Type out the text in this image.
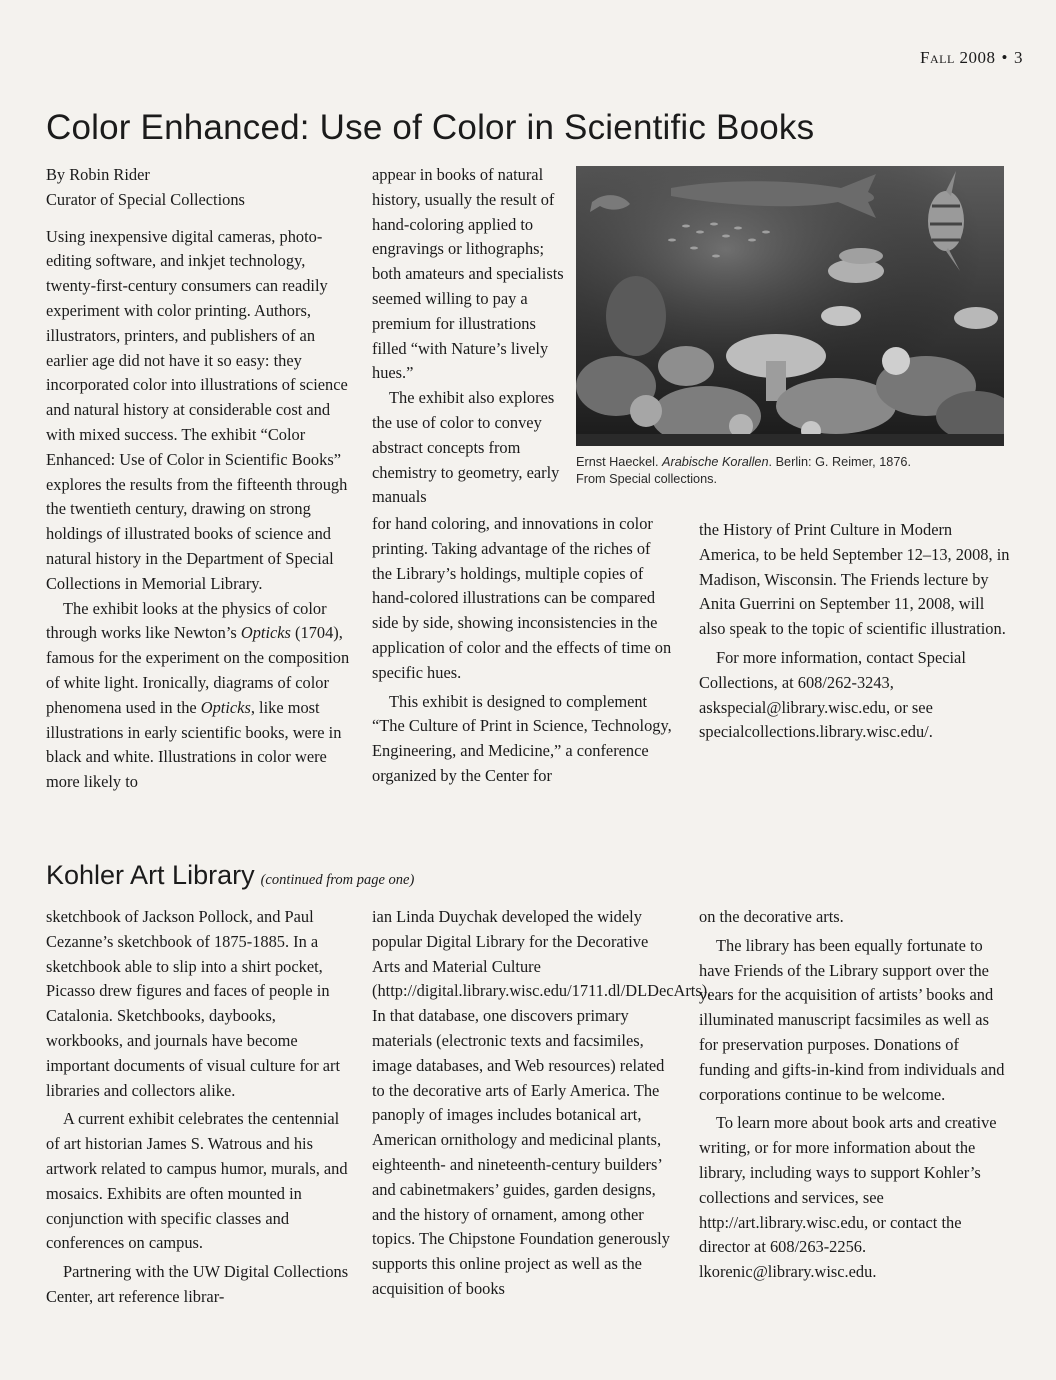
Fall 2008 • 3
Color Enhanced: Use of Color in Scientific Books

By Robin Rider

Curator of Special Collections

Using inexpensive digital cameras, photo-editing software, and inkjet technology, twenty-first-century consumers can readily experiment with color printing. Authors, illustrators, printers, and publishers of an earlier age did not have it so easy: they incorporated color into illustrations of science and natural history at considerable cost and with mixed success. The exhibit “Color Enhanced: Use of Color in Scientific Books” explores the results from the fifteenth through the twentieth century, drawing on strong holdings of illustrated books of science and natural history in the Department of Special Collections in Memorial Library.

The exhibit looks at the physics of color through works like Newton’s Opticks (1704), famous for the experiment on the composition of white light. Ironically, diagrams of color phenomena used in the Opticks, like most illustrations in early scientific books, were in black and white. Illustrations in color were more likely to

appear in books of natural history, usually the result of hand-coloring applied to engravings or lithographs; both amateurs and specialists seemed willing to pay a premium for illustrations filled “with Nature’s lively hues.”

The exhibit also explores the use of color to convey abstract concepts from chemistry to geometry, early manuals

for hand coloring, and innovations in color printing. Taking advantage of the riches of the Library’s holdings, multiple copies of hand-colored illustrations can be compared side by side, showing inconsistencies in the application of color and the effects of time on specific hues.

This exhibit is designed to complement “The Culture of Print in Science, Technology, Engineering, and Medicine,” a conference organized by the Center for

Ernst Haeckel. Arabische Korallen. Berlin: G. Reimer, 1876.
From Special collections.

the History of Print Culture in Modern America, to be held September 12–13, 2008, in Madison, Wisconsin. The Friends lecture by Anita Guerrini on September 11, 2008, will also speak to the topic of scientific illustration.

For more information, contact Special Collections, at 608/262-3243, askspecial@library.wisc.edu, or see specialcollections.library.wisc.edu/.

Kohler Art Library (continued from page one)

sketchbook of Jackson Pollock, and Paul Cezanne’s sketchbook of 1875-1885. In a sketchbook able to slip into a shirt pocket, Picasso drew figures and faces of people in Catalonia. Sketchbooks, daybooks, workbooks, and journals have become important documents of visual culture for art libraries and collectors alike.

A current exhibit celebrates the centennial of art historian James S. Watrous and his artwork related to campus humor, murals, and mosaics. Exhibits are often mounted in conjunction with specific classes and conferences on campus.

Partnering with the UW Digital Collections Center, art reference librar-

ian Linda Duychak developed the widely popular Digital Library for the Decorative Arts and Material Culture (http://digital.library.wisc.edu/1711.dl/DLDecArts). In that database, one discovers primary materials (electronic texts and facsimiles, image databases, and Web resources) related to the decorative arts of Early America. The panoply of images includes botanical art, American ornithology and medicinal plants, eighteenth- and nineteenth-century builders’ and cabinetmakers’ guides, garden designs, and the history of ornament, among other topics. The Chipstone Foundation generously supports this online project as well as the acquisition of books

on the decorative arts.

The library has been equally fortunate to have Friends of the Library support over the years for the acquisition of artists’ books and illuminated manuscript facsimiles as well as for preservation purposes. Donations of funding and gifts-in-kind from individuals and corporations continue to be welcome.

To learn more about book arts and creative writing, or for more information about the library, including ways to support Kohler’s collections and services, see http://art.library.wisc.edu, or contact the director at 608/263-2256. lkorenic@library.wisc.edu.
